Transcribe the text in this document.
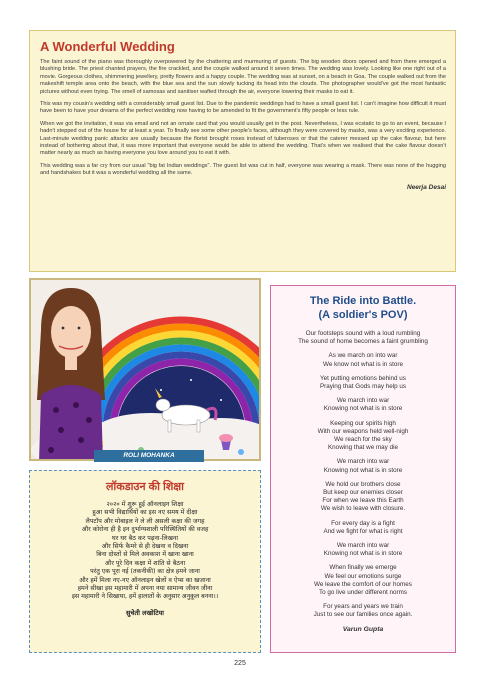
A Wonderful Wedding

The faint sound of the piano was thoroughly overpowered by the chattering and murmuring of guests. The big wooden doors opened and from there emerged a blushing bride. The priest chanted prayers, the fire crackled, and the couple walked around it seven times. The wedding was lovely. Looking like one right out of a movie. Gorgeous clothes, shimmering jewellery, pretty flowers and a happy couple. The wedding was at sunset, on a beach in Goa. The couple walked out from the makeshift temple area onto the beach, with the blue sea and the sun slowly tucking its head into the clouds. The photographer would've got the most fantastic pictures without even trying. The smell of samosas and sanitiser wafted through the air, everyone lowering their masks to eat it.

This was my cousin's wedding with a considerably small guest list. Due to the pandemic weddings had to have a small guest list. I can't imagine how difficult it must have been to have your dreams of the perfect wedding now having to be amended to fit the government's fifty people or less rule.

When we got the invitation, it was via email and not an ornate card that you would usually get in the post. Nevertheless, I was ecstatic to go to an event, because I hadn't stepped out of the house for at least a year. To finally see some other people's faces, although they were covered by masks, was a very exciting experience. Last-minute wedding panic attacks are usually because the florist brought roses instead of tuberoses or that the caterer messed up the cake flavour, but here instead of bothering about that, it was more important that everyone would be able to attend the wedding. That's when we realised that the cake flavour doesn't matter nearly as much as having everyone you love around you to eat it with.

This wedding was a far cry from our usual "big fat Indian weddings". The guest list was cut in half, everyone was wearing a mask. There was none of the hugging and handshakes but it was a wonderful wedding all the same.

Neerja Desai
ROLI MOHANKA
लॉकडाउन की शिक्षा
२०२० में शुरू हुई ऑनलाइन शिक्षा
हुआ सभी विद्यार्थियों का इस नए समय में दीक्षा
लैपटॉप और मोबाइल ने ले ली असली कक्षा की जगह
और कोरोना ही है इन दुर्भाग्यशाली परिस्थितियों की वजह
घर घर बैठ कर पढ़ना-लिखना
और सिर्फ कैमरे से ही देखना व दिखना
बिना दोस्तों से मिले अवकाश में खाना खाना
और पूरे दिन कक्षा में शांति से बैठना
परंतु एक पूरा नई (तकनीकी) का क्षेत्र हमने जाना
और हमें मिला नए-नए ऑनलाइन खेलों व ऐप्स का खजाना
हमने सीखा इस महामारी में अपना नया सामान्य जीवन जीना
इस महामारी ने सिखाया, हमें हालातों के अनुसार अनुकूल बनना।।
सुचेती लखोटिया
The Ride into Battle.
(A soldier's POV)
Our footsteps sound with a loud rumbling
The sound of home becomes a faint grumbling
As we march on into war
We know not what is in store
Yet putting emotions behind us
Praying that Gods may help us
We march into war
Knowing not what is in store
Keeping our spirits high
With our weapons held well-nigh
We reach for the sky
Knowing that we may die
We march into war
Knowing not what is in store
We hold our brothers close
But keep our enemies closer
For when we leave this Earth
We wish to leave with closure.
For every day is a fight
And we fight for what is right
We march into war
Knowing not what is in store
When finally we emerge
We feel our emotions surge
We leave the comfort of our homes
To go live under different norms
For years and years we train
Just to see our families once again.
Varun Gupta
225
